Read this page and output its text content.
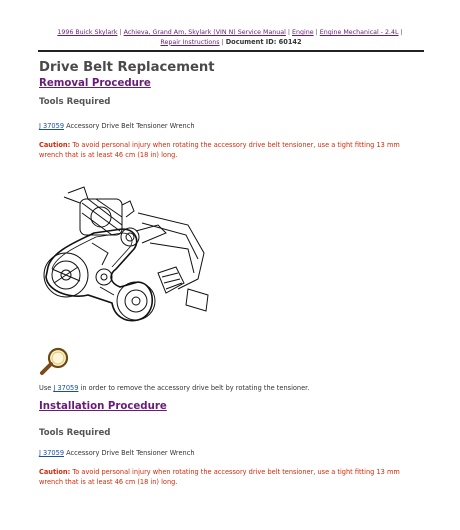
1996 Buick Skylark | Achieva, Grand Am, Skylark (VIN N) Service Manual | Engine | Engine Mechanical - 2.4L |
Repair Instructions | Document ID: 60142
Drive Belt Replacement
Removal Procedure
Tools Required
J 37059 Accessory Drive Belt Tensioner Wrench
Caution: To avoid personal injury when rotating the accessory drive belt tensioner, use a tight fitting 13 mm wrench that is at least 46 cm (18 in) long.
Use J 37059 in order to remove the accessory drive belt by rotating the tensioner.
Installation Procedure
Tools Required
J 37059 Accessory Drive Belt Tensioner Wrench
Caution: To avoid personal injury when rotating the accessory drive belt tensioner, use a tight fitting 13 mm wrench that is at least 46 cm (18 in) long.
